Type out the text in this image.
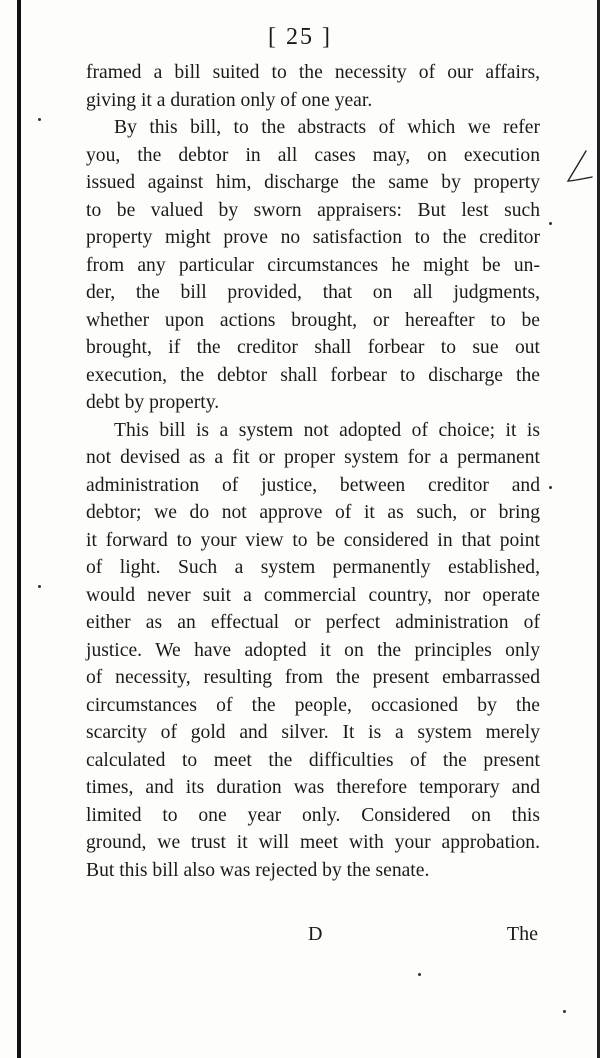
[ 25 ]
framed a bill suited to the necessity of our affairs,
giving it a duration only of one year.
By this bill, to the abstracts of which we refer
you, the debtor in all cases may, on execution
issued against him, discharge the same by property
to be valued by sworn appraisers: But lest such
property might prove no satisfaction to the creditor
from any particular circumstances he might be un-
der, the bill provided, that on all judgments,
whether upon actions brought, or hereafter to be
brought, if the creditor shall forbear to sue out
execution, the debtor shall forbear to discharge the
debt by property.
This bill is a system not adopted of choice; it is
not devised as a fit or proper system for a permanent
administration of justice, between creditor and
debtor; we do not approve of it as such, or bring
it forward to your view to be considered in that point
of light. Such a system permanently established,
would never suit a commercial country, nor operate
either as an effectual or perfect administration of
justice. We have adopted it on the principles only
of necessity, resulting from the present embarrassed
circumstances of the people, occasioned by the
scarcity of gold and silver. It is a system merely
calculated to meet the difficulties of the present
times, and its duration was therefore temporary and
limited to one year only. Considered on this
ground, we trust it will meet with your approbation.
But this bill also was rejected by the senate.
D	The
